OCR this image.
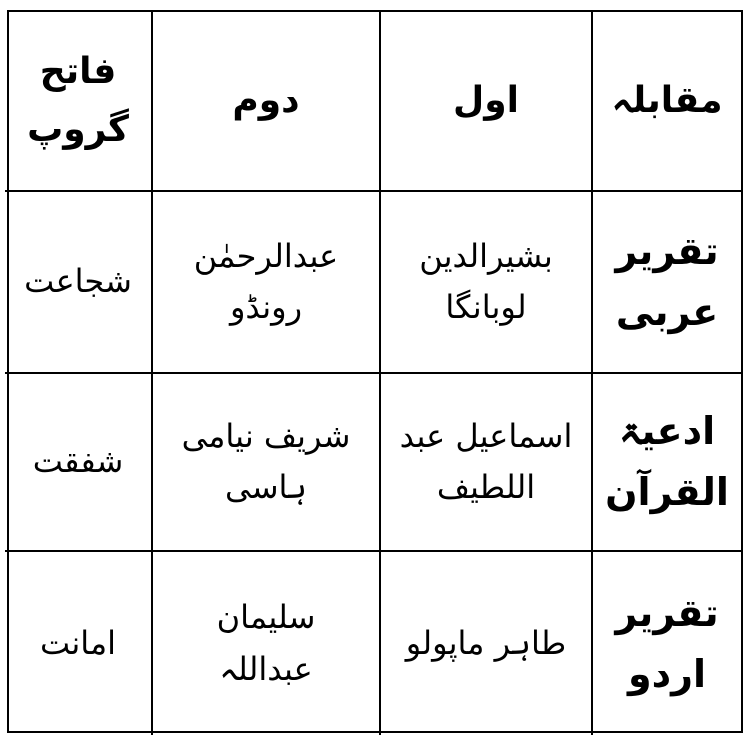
مقابلہ
اول
دوم
فاتح
گروپ
تقریر
عربی
بشیرالدین
لوبانگا
عبدالرحمٰن
رونڈو
شجاعت
ادعیۃ
القرآن
اسماعیل عبد
اللطیف
شریف نیامی
ہاسی
شفقت
تقریر
اردو
طاہر ماپولو
سلیمان
عبداللہ
امانت
